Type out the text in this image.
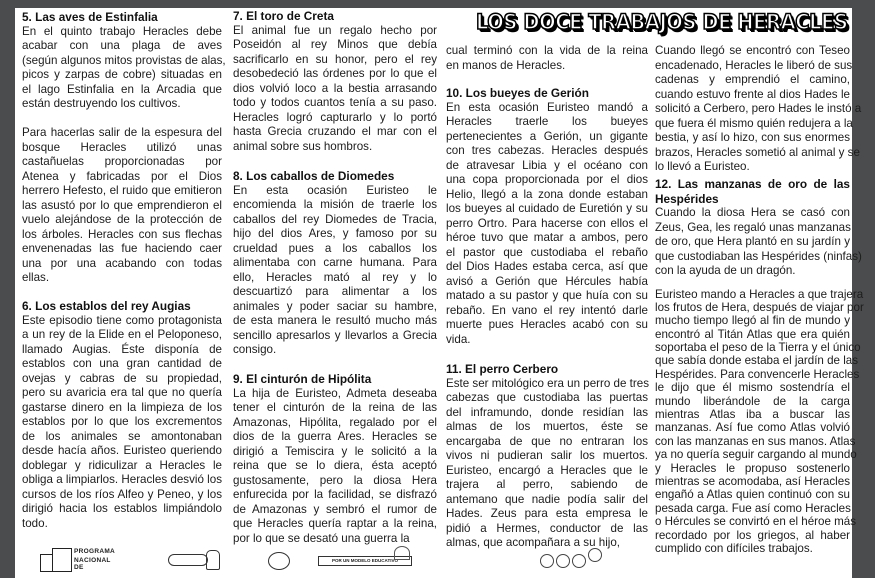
LOS DOCE TRABAJOS DE HERACLES
5. Las aves de Estinfalia
En el quinto trabajo Heracles debe
acabar con una plaga de aves
(según algunos mitos provistas de alas,
picos y zarpas de cobre) situadas en
el lago Estinfalia en la Arcadia que
están destruyendo los cultivos.
Para hacerlas salir de la espesura del
bosque Heracles utilizó unas
castañuelas proporcionadas por
Atenea y fabricadas por el Dios
herrero Hefesto, el ruido que emitieron
las asustó por lo que emprendieron el
vuelo alejándose de la protección de
los árboles. Heracles con sus flechas
envenenadas las fue haciendo caer
una por una acabando con todas
ellas.
6. Los establos del rey Augias
Este episodio tiene como protagonista
a un rey de la Elide en el Peloponeso,
llamado Augias. Éste disponía de
establos con una gran cantidad de
ovejas y cabras de su propiedad,
pero su avaricia era tal que no quería
gastarse dinero en la limpieza de los
establos por lo que los excrementos
de los animales se amontonaban
desde hacía años. Euristeo queriendo
doblegar y ridiculizar a Heracles le
obliga a limpiarlos. Heracles desvió los
cursos de los ríos Alfeo y Peneo, y los
dirigió hacia los establos limpiándolo
todo.
7. El toro de Creta
El animal fue un regalo hecho por
Poseidón al rey Minos que debía
sacrificarlo en su honor, pero el rey
desobedeció las órdenes por lo que el
dios volvió loco a la bestia arrasando
todo y todos cuantos tenía a su paso.
Heracles logró capturarlo y lo portó
hasta Grecia cruzando el mar con el
animal sobre sus hombros.
8. Los caballos de Diomedes
En esta ocasión Euristeo le
encomienda la misión de traerle los
caballos del rey Diomedes de Tracia,
hijo del dios Ares, y famoso por su
crueldad pues a los caballos los
alimentaba con carne humana. Para
ello, Heracles mató al rey y lo
descuartizó para alimentar a los
animales y poder saciar su hambre,
de esta manera le resultó mucho más
sencillo apresarlos y llevarlos a Grecia
consigo.
9. El cinturón de Hipólita
La hija de Euristeo, Admeta deseaba
tener el cinturón de la reina de las
Amazonas, Hipólita, regalado por el
dios de la guerra Ares. Heracles se
dirigió a Temiscira y le solicitó a la
reina que se lo diera, ésta aceptó
gustosamente, pero la diosa Hera
enfurecida por la facilidad, se disfrazó
de Amazonas y sembró el rumor de
que Heracles quería raptar a la reina,
por lo que se desató una guerra la
cual terminó con la vida de la reina
en manos de Heracles.
10. Los bueyes de Gerión
En esta ocasión Euristeo mandó a
Heracles traerle los bueyes
pertenecientes a Gerión, un gigante
con tres cabezas. Heracles después
de atravesar Libia y el océano con
una copa proporcionada por el dios
Helio, llegó a la zona donde estaban
los bueyes al cuidado de Euretión y su
perro Ortro. Para hacerse con ellos el
héroe tuvo que matar a ambos, pero
el pastor que custodiaba el rebaño
del Dios Hades estaba cerca, así que
avisó a Gerión que Hércules había
matado a su pastor y que huía con su
rebaño. En vano el rey intentó darle
muerte pues Heracles acabó con su
vida.
11. El perro Cerbero
Este ser mitológico era un perro de tres
cabezas que custodiaba las puertas
del inframundo, donde residían las
almas de los muertos, éste se
encargaba de que no entraran los
vivos ni pudieran salir los muertos.
Euristeo, encargó a Heracles que le
trajera al perro, sabiendo de
antemano que nadie podía salir del
Hades. Zeus para esta empresa le
pidió a Hermes, conductor de las
almas, que acompañara a su hijo,
Cuando llegó se encontró con Teseo
encadenado, Heracles le liberó de sus
cadenas y emprendió el camino,
cuando estuvo frente al dios Hades le
solicitó a Cerbero, pero Hades le instó a
que fuera él mismo quién redujera a la
bestia, y así lo hizo, con sus enormes
brazos, Heracles sometió al animal y se
lo llevó a Euristeo.
12. Las manzanas de oro de las
Hespérides
Cuando la diosa Hera se casó con
Zeus, Gea, les regaló unas manzanas
de oro, que Hera plantó en su jardín y
que custodiaban las Hespérides (ninfas)
con la ayuda de un dragón.
Euristeo mando a Heracles a que trajera
los frutos de Hera, después de viajar por
mucho tiempo llegó al fin de mundo y
encontró al Titán Atlas que era quién
soportaba el peso de la Tierra y el único
que sabía donde estaba el jardín de las
Hespérides. Para convencerle Heracles
le dijo que él mismo sostendría el
mundo liberándole de la carga
mientras Atlas iba a buscar las
manzanas. Así fue como Atlas volvió
con las manzanas en sus manos. Atlas
ya no quería seguir cargando al mundo
y Heracles le propuso sostenerlo
mientras se acomodaba, así Heracles
engañó a Atlas quien continuó con su
pesada carga. Fue así como Heracles
o Hércules se convirtó en el héroe más
recordado por los griegos, al haber
cumplido con difíciles trabajos.
PROGRAMA
NACIONAL DE
POR UN MODELO EDUCATIVO
